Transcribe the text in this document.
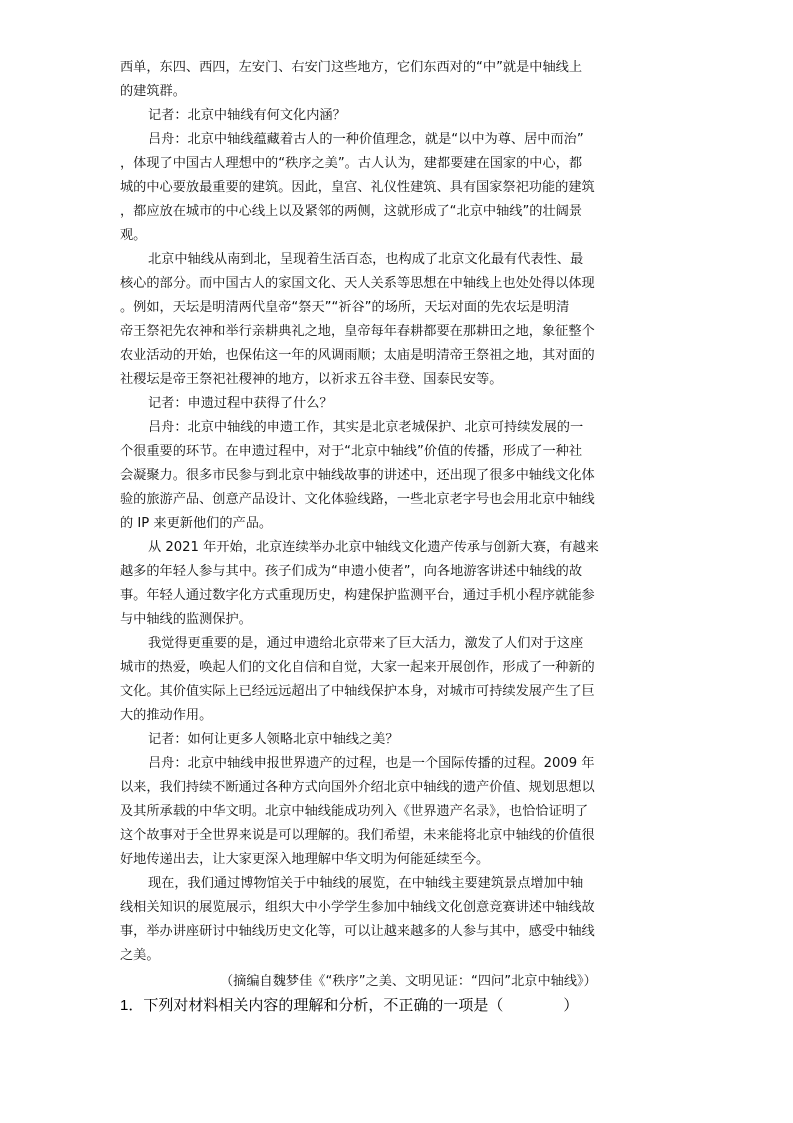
西单，东四、西四，左安门、右安门这些地方，它们东西对的“中”就是中轴线上
的建筑群。
记者：北京中轴线有何文化内涵？
吕舟：北京中轴线蕴藏着古人的一种价值理念，就是“以中为尊、居中而治”
，体现了中国古人理想中的“秩序之美”。古人认为，建都要建在国家的中心，都
城的中心要放最重要的建筑。因此，皇宫、礼仪性建筑、具有国家祭祀功能的建筑
，都应放在城市的中心线上以及紧邻的两侧，这就形成了“北京中轴线”的壮阔景
观。
北京中轴线从南到北，呈现着生活百态，也构成了北京文化最有代表性、最
核心的部分。而中国古人的家国文化、天人关系等思想在中轴线上也处处得以体现
。例如，天坛是明清两代皇帝“祭天”“祈谷”的场所，天坛对面的先农坛是明清
帝王祭祀先农神和举行亲耕典礼之地，皇帝每年春耕都要在那耕田之地，象征整个
农业活动的开始，也保佑这一年的风调雨顺；太庙是明清帝王祭祖之地，其对面的
社稷坛是帝王祭祀社稷神的地方，以祈求五谷丰登、国泰民安等。
记者：申遗过程中获得了什么？
吕舟：北京中轴线的申遗工作，其实是北京老城保护、北京可持续发展的一
个很重要的环节。在申遗过程中，对于“北京中轴线”价值的传播，形成了一种社
会凝聚力。很多市民参与到北京中轴线故事的讲述中，还出现了很多中轴线文化体
验的旅游产品、创意产品设计、文化体验线路，一些北京老字号也会用北京中轴线
的 IP 来更新他们的产品。
从 2021 年开始，北京连续举办北京中轴线文化遗产传承与创新大赛，有越来
越多的年轻人参与其中。孩子们成为“申遗小使者”，向各地游客讲述中轴线的故
事。年轻人通过数字化方式重现历史，构建保护监测平台，通过手机小程序就能参
与中轴线的监测保护。
我觉得更重要的是，通过申遗给北京带来了巨大活力，激发了人们对于这座
城市的热爱，唤起人们的文化自信和自觉，大家一起来开展创作，形成了一种新的
文化。其价值实际上已经远远超出了中轴线保护本身，对城市可持续发展产生了巨
大的推动作用。
记者：如何让更多人领略北京中轴线之美？
吕舟：北京中轴线申报世界遗产的过程，也是一个国际传播的过程。2009 年
以来，我们持续不断通过各种方式向国外介绍北京中轴线的遗产价值、规划思想以
及其所承载的中华文明。北京中轴线能成功列入《世界遗产名录》，也恰恰证明了
这个故事对于全世界来说是可以理解的。我们希望，未来能将北京中轴线的价值很
好地传递出去，让大家更深入地理解中华文明为何能延续至今。
现在，我们通过博物馆关于中轴线的展览，在中轴线主要建筑景点增加中轴
线相关知识的展览展示，组织大中小学学生参加中轴线文化创意竞赛讲述中轴线故
事，举办讲座研讨中轴线历史文化等，可以让越来越多的人参与其中，感受中轴线
之美。
（摘编自魏梦佳《“秩序”之美、文明见证：“四问”北京中轴线》）
1．下列对材料相关内容的理解和分析，不正确的一项是（　　　　）
